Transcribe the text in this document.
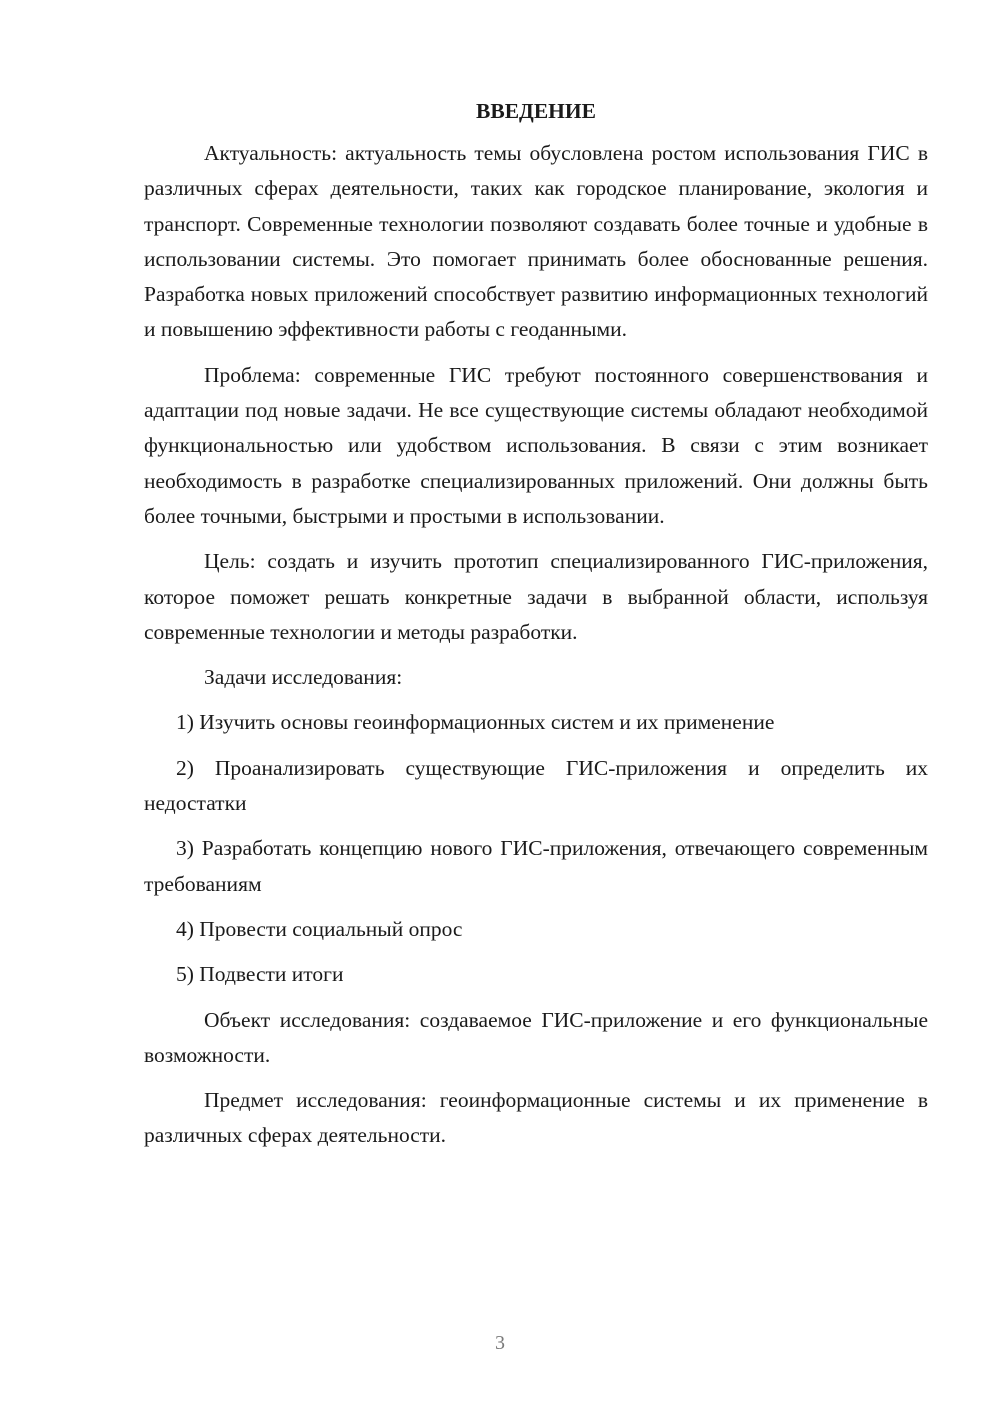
ВВЕДЕНИЕ

Актуальность: актуальность темы обусловлена ростом использования ГИС в различных сферах деятельности, таких как городское планирование, экология и транспорт. Современные технологии позволяют создавать более точные и удобные в использовании системы. Это помогает принимать более обоснованные решения. Разработка новых приложений способствует развитию информационных технологий и повышению эффективности работы с геоданными.

Проблема: современные ГИС требуют постоянного совершенствования и адаптации под новые задачи. Не все существующие системы обладают необходимой функциональностью или удобством использования. В связи с этим возникает необходимость в разработке специализированных приложений. Они должны быть более точными, быстрыми и простыми в использовании.

Цель: создать и изучить прототип специализированного ГИС-приложения, которое поможет решать конкретные задачи в выбранной области, используя современные технологии и методы разработки.

Задачи исследования:

1) Изучить основы геоинформационных систем и их применение

2) Проанализировать существующие ГИС-приложения и определить их недостатки

3) Разработать концепцию нового ГИС-приложения, отвечающего современным требованиям

4) Провести социальный опрос

5) Подвести итоги

Объект исследования: создаваемое ГИС-приложение и его функциональные возможности.

Предмет исследования: геоинформационные системы и их применение в различных сферах деятельности.

3
